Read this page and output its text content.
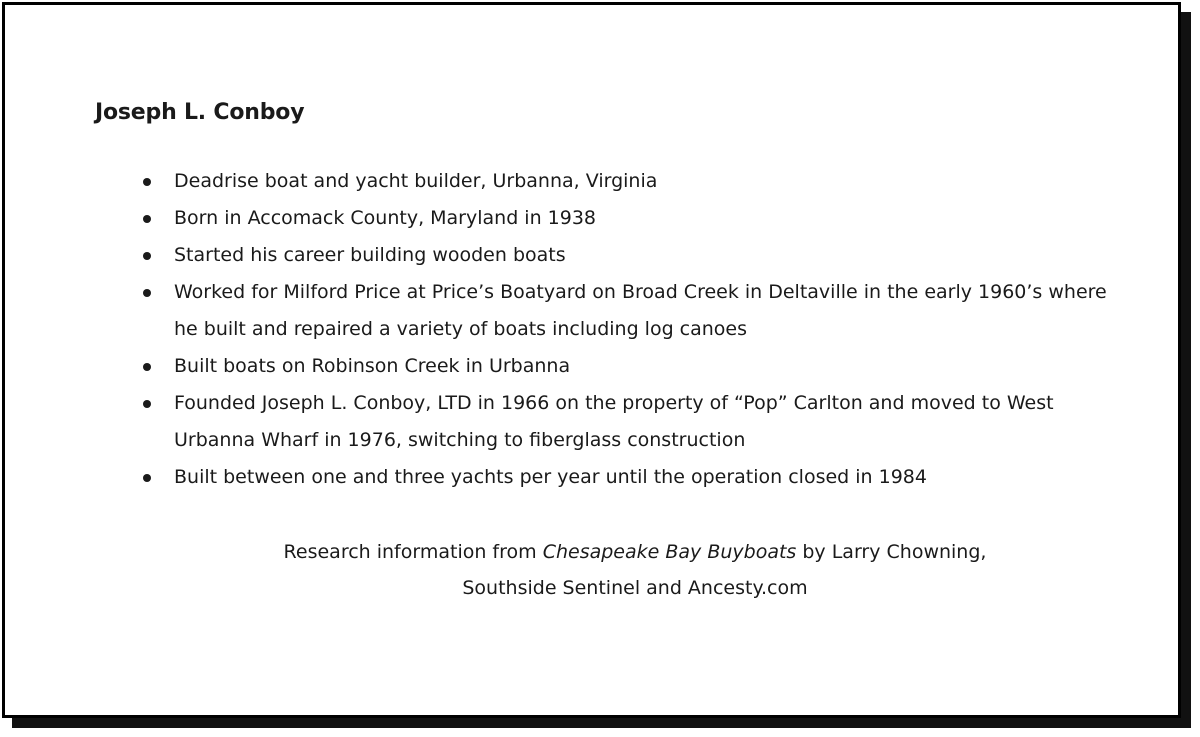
Joseph L. Conboy
Deadrise boat and yacht builder, Urbanna, Virginia
Born in Accomack County, Maryland in 1938
Started his career building wooden boats
Worked for Milford Price at Price’s Boatyard on Broad Creek in Deltaville in the early 1960’s where he built and repaired a variety of boats including log canoes
Built boats on Robinson Creek in Urbanna
Founded Joseph L. Conboy, LTD in 1966 on the property of “Pop” Carlton and moved to West Urbanna Wharf in 1976, switching to fiberglass construction
Built between one and three yachts per year until the operation closed in 1984
Research information from Chesapeake Bay Buyboats by Larry Chowning,
Southside Sentinel and Ancesty.com
